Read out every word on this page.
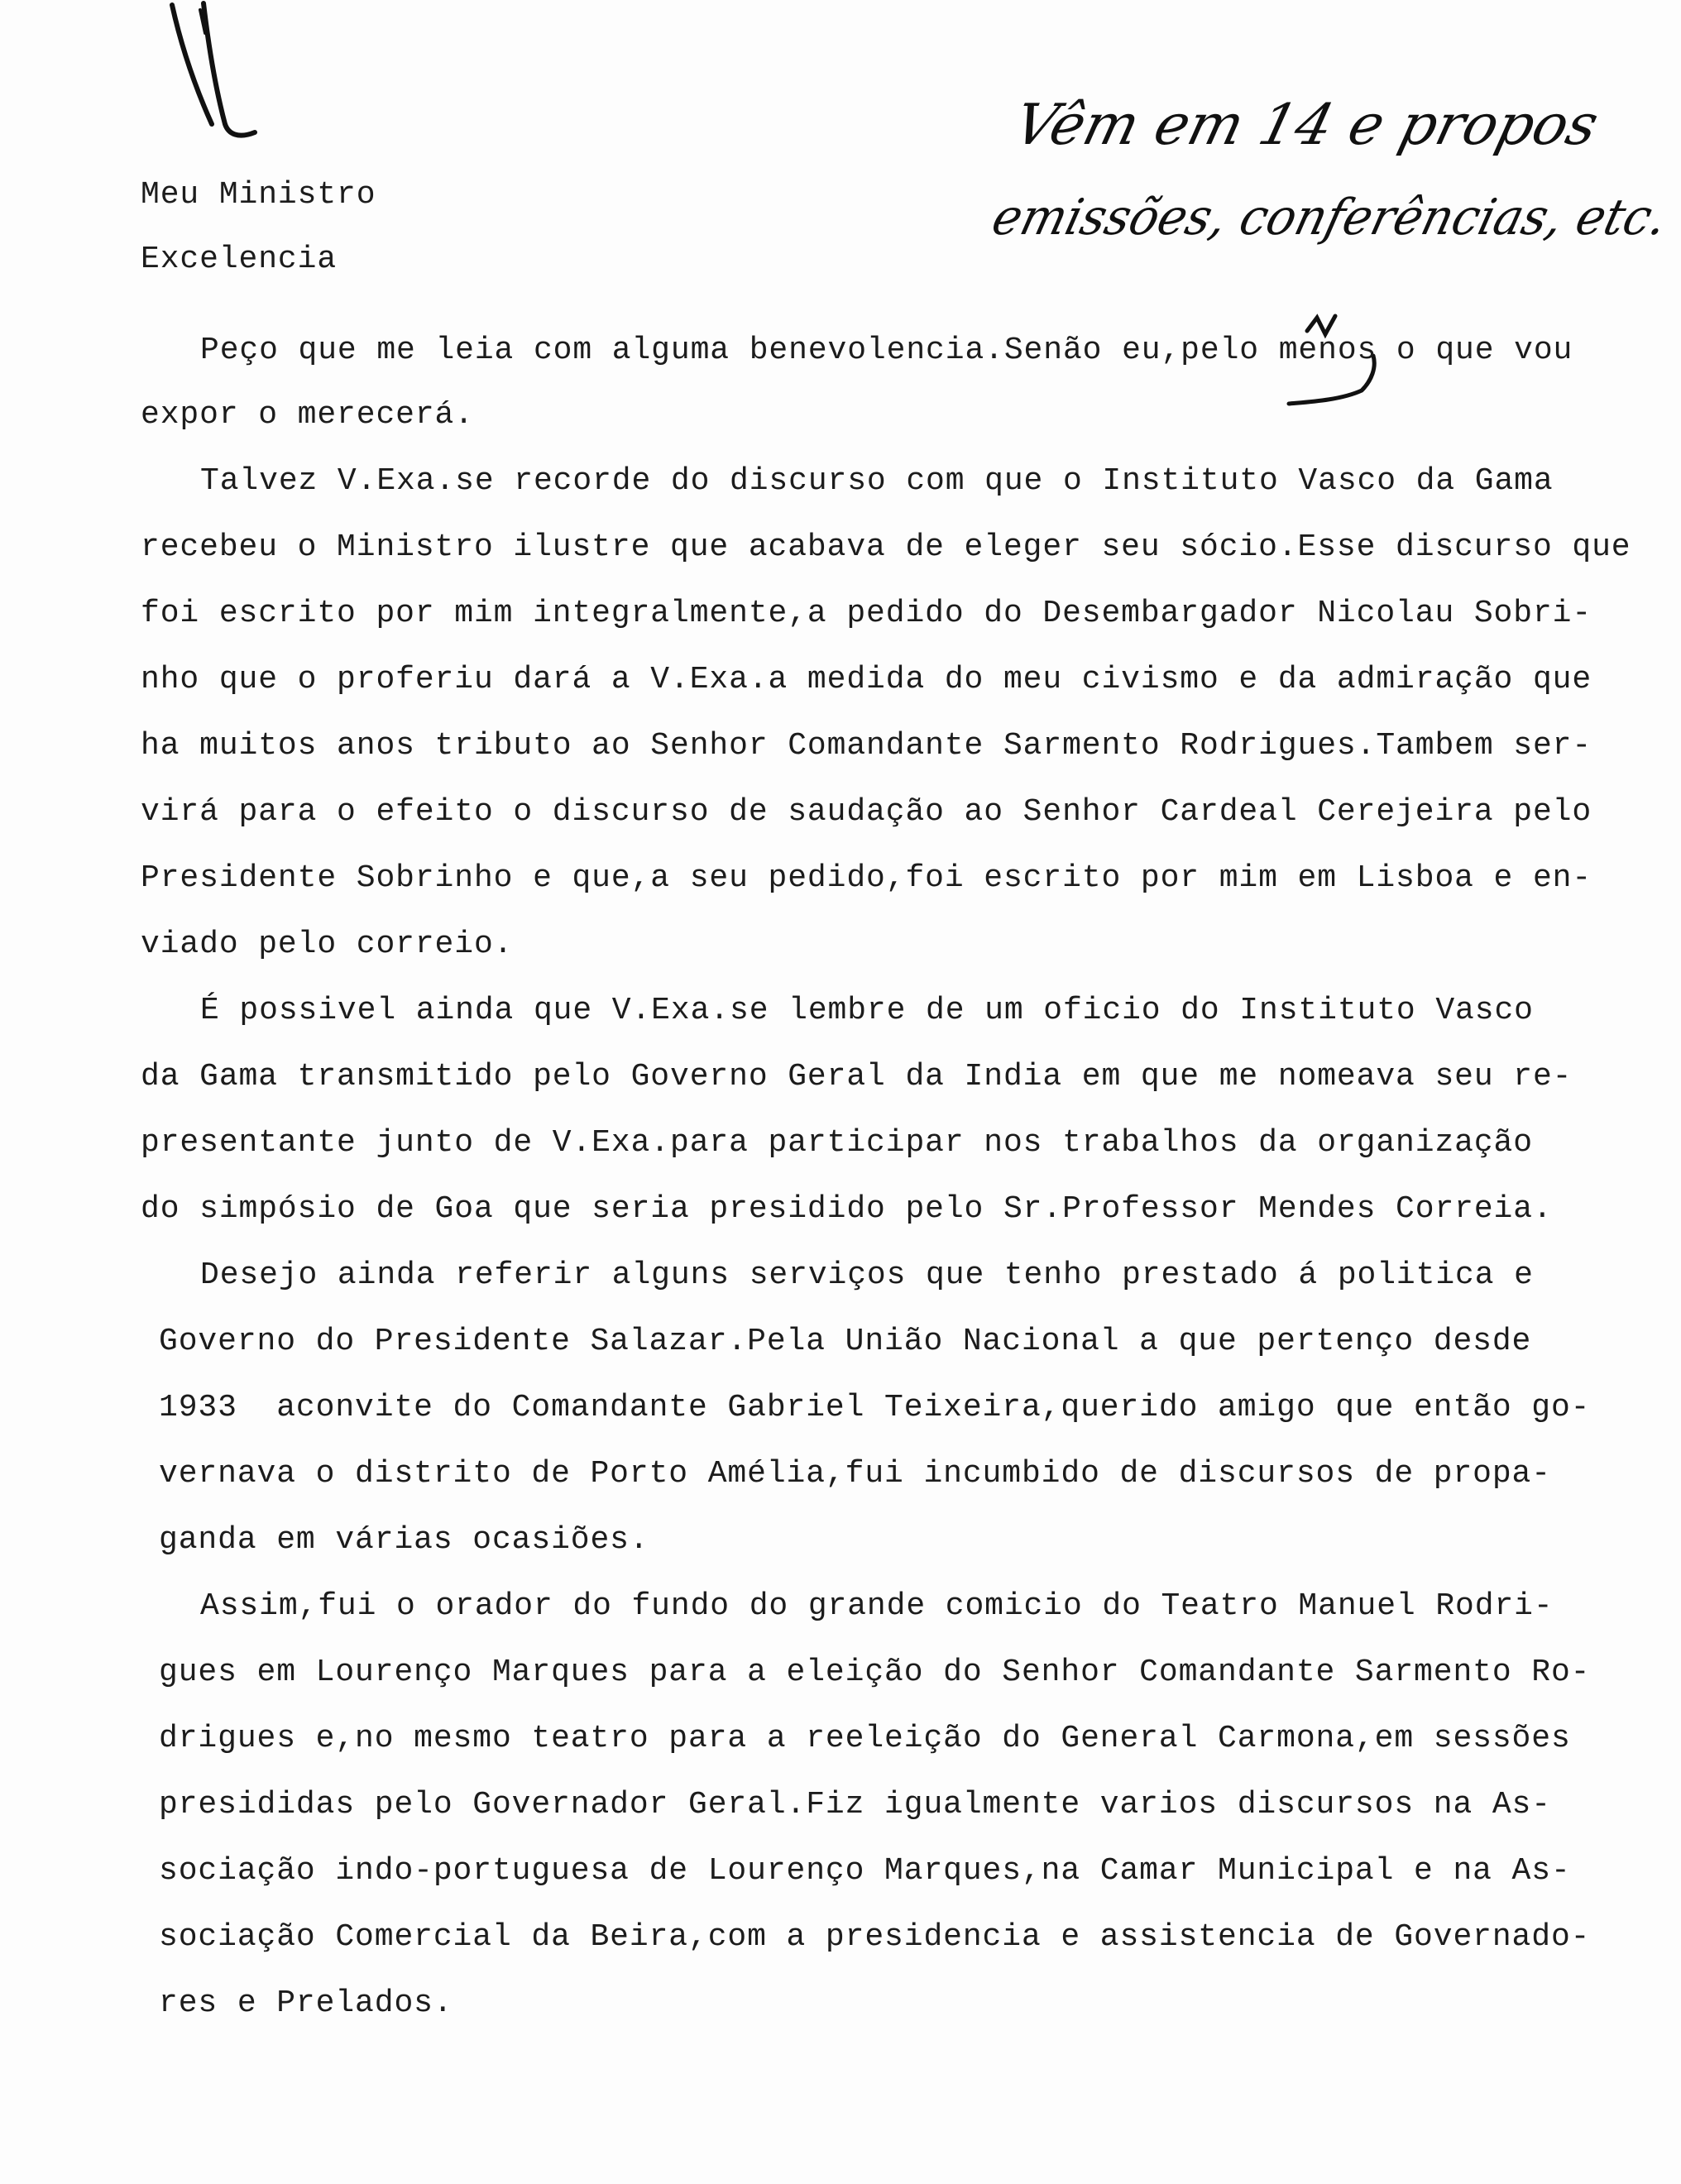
Vêm em 14 e propos
emissões, conferências, etc.
Meu Ministro
Excelencia
Peço que me leia com alguma benevolencia.Senão eu,pelo menos o que vou
expor o merecerá.
Talvez V.Exa.se recorde do discurso com que o Instituto Vasco da Gama
recebeu o Ministro ilustre que acabava de eleger seu sócio.Esse discurso que
foi escrito por mim integralmente,a pedido do Desembargador Nicolau Sobri-
nho que o proferiu dará a V.Exa.a medida do meu civismo e da admiração que
ha muitos anos tributo ao Senhor Comandante Sarmento Rodrigues.Tambem ser-
virá para o efeito o discurso de saudação ao Senhor Cardeal Cerejeira pelo
Presidente Sobrinho e que,a seu pedido,foi escrito por mim em Lisboa e en-
viado pelo correio.
É possivel ainda que V.Exa.se lembre de um oficio do Instituto Vasco
da Gama transmitido pelo Governo Geral da India em que me nomeava seu re-
presentante junto de V.Exa.para participar nos trabalhos da organização
do simpósio de Goa que seria presidido pelo Sr.Professor Mendes Correia.
Desejo ainda referir alguns serviços que tenho prestado á politica e
Governo do Presidente Salazar.Pela União Nacional a que pertenço desde
1933  aconvite do Comandante Gabriel Teixeira,querido amigo que então go-
vernava o distrito de Porto Amélia,fui incumbido de discursos de propa-
ganda em várias ocasiões.
Assim,fui o orador do fundo do grande comicio do Teatro Manuel Rodri-
gues em Lourenço Marques para a eleição do Senhor Comandante Sarmento Ro-
drigues e,no mesmo teatro para a reeleição do General Carmona,em sessões
presididas pelo Governador Geral.Fiz igualmente varios discursos na As-
sociação indo-portuguesa de Lourenço Marques,na Camar Municipal e na As-
sociação Comercial da Beira,com a presidencia e assistencia de Governado-
res e Prelados.
